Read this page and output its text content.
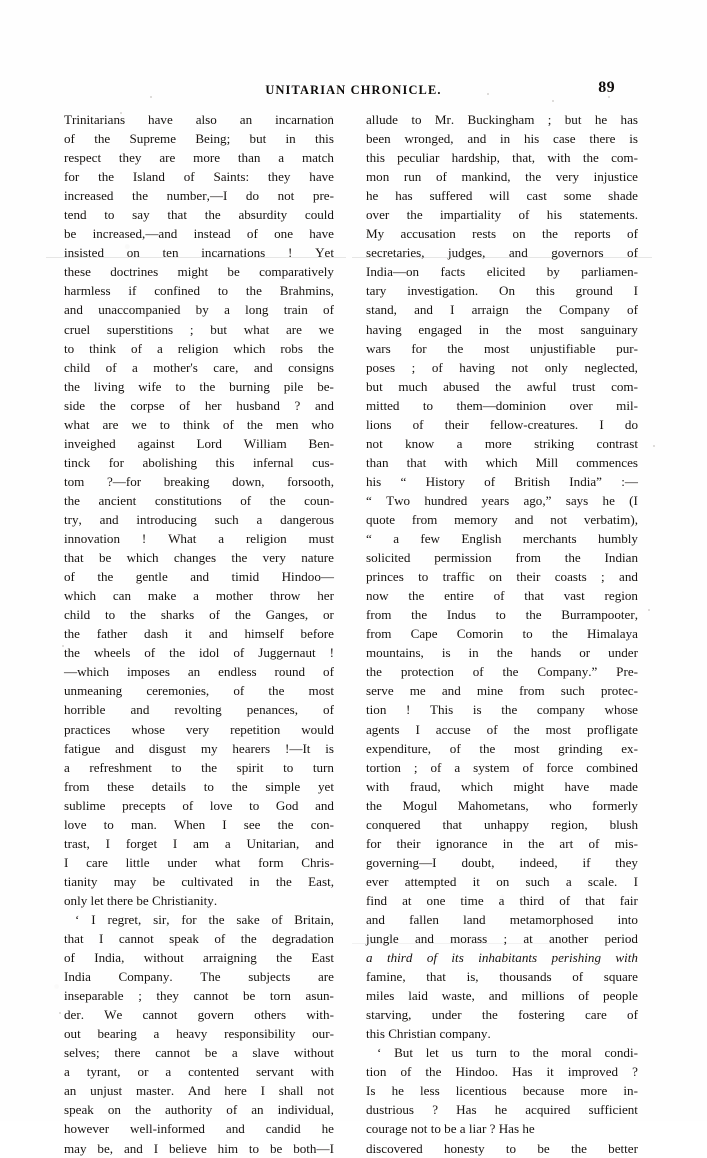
UNITARIAN CHRONICLE.	89
Trinitarians have also an incarnation
of the Supreme Being; but in this
respect they are more than a match
for the Island of Saints: they have
increased the number,—I do not pre-
tend to say that the absurdity could
be increased,—and instead of one have
insisted on ten incarnations ! Yet
these doctrines might be comparatively
harmless if confined to the Brahmins,
and unaccompanied by a long train of
cruel superstitions ; but what are we
to think of a religion which robs the
child of a mother's care, and consigns
the living wife to the burning pile be-
side the corpse of her husband ? and
what are we to think of the men who
inveighed against Lord William Ben-
tinck for abolishing this infernal cus-
tom ?—for breaking down, forsooth,
the ancient constitutions of the coun-
try, and introducing such a dangerous
innovation ! What a religion must
that be which changes the very nature
of the gentle and timid Hindoo—
which can make a mother throw her
child to the sharks of the Ganges, or
the father dash it and himself before
the wheels of the idol of Juggernaut !
—which imposes an endless round of
unmeaning ceremonies, of the most
horrible and revolting penances, of
practices whose very repetition would
fatigue and disgust my hearers !—It is
a refreshment to the spirit to turn
from these details to the simple yet
sublime precepts of love to God and
love to man. When I see the con-
trast, I forget I am a Unitarian, and
I care little under what form Chris-
tianity may be cultivated in the East,
only let there be Christianity.
‘ I regret, sir, for the sake of Britain,
that I cannot speak of the degradation
of India, without arraigning the East
India Company. The subjects are
inseparable ; they cannot be torn asun-
der. We cannot govern others with-
out bearing a heavy responsibility our-
selves; there cannot be a slave without
a tyrant, or a contented servant with
an unjust master. And here I shall not
speak on the authority of an individual,
however well-informed and candid he
may be, and I believe him to be both—I
allude to Mr. Buckingham ; but he has
been wronged, and in his case there is
this peculiar hardship, that, with the com-
mon run of mankind, the very injustice
he has suffered will cast some shade
over the impartiality of his statements.
My accusation rests on the reports of
secretaries, judges, and governors of
India—on facts elicited by parliamen-
tary investigation. On this ground I
stand, and I arraign the Company of
having engaged in the most sanguinary
wars for the most unjustifiable pur-
poses ; of having not only neglected,
but much abused the awful trust com-
mitted to them—dominion over mil-
lions of their fellow-creatures. I do
not know a more striking contrast
than that with which Mill commences
his “ History of British India” :—
“ Two hundred years ago,” says he (I
quote from memory and not verbatim),
“ a few English merchants humbly
solicited permission from the Indian
princes to traffic on their coasts ; and
now the entire of that vast region
from the Indus to the Burrampooter,
from Cape Comorin to the Himalaya
mountains, is in the hands or under
the protection of the Company.” Pre-
serve me and mine from such protec-
tion ! This is the company whose
agents I accuse of the most profligate
expenditure, of the most grinding ex-
tortion ; of a system of force combined
with fraud, which might have made
the Mogul Mahometans, who formerly
conquered that unhappy region, blush
for their ignorance in the art of mis-
governing—I doubt, indeed, if they
ever attempted it on such a scale. I
find at one time a third of that fair
and fallen land metamorphosed into
jungle and morass ; at another period
a third of its inhabitants perishing with
famine, that is, thousands of square
miles laid waste, and millions of people
starving, under the fostering care of
this Christian company.
‘ But let us turn to the moral condi-
tion of the Hindoo. Has it improved ?
Is he less licentious because more in-
dustrious ? Has he acquired sufficient
courage not to be a liar ? Has he
discovered honesty to be the better
